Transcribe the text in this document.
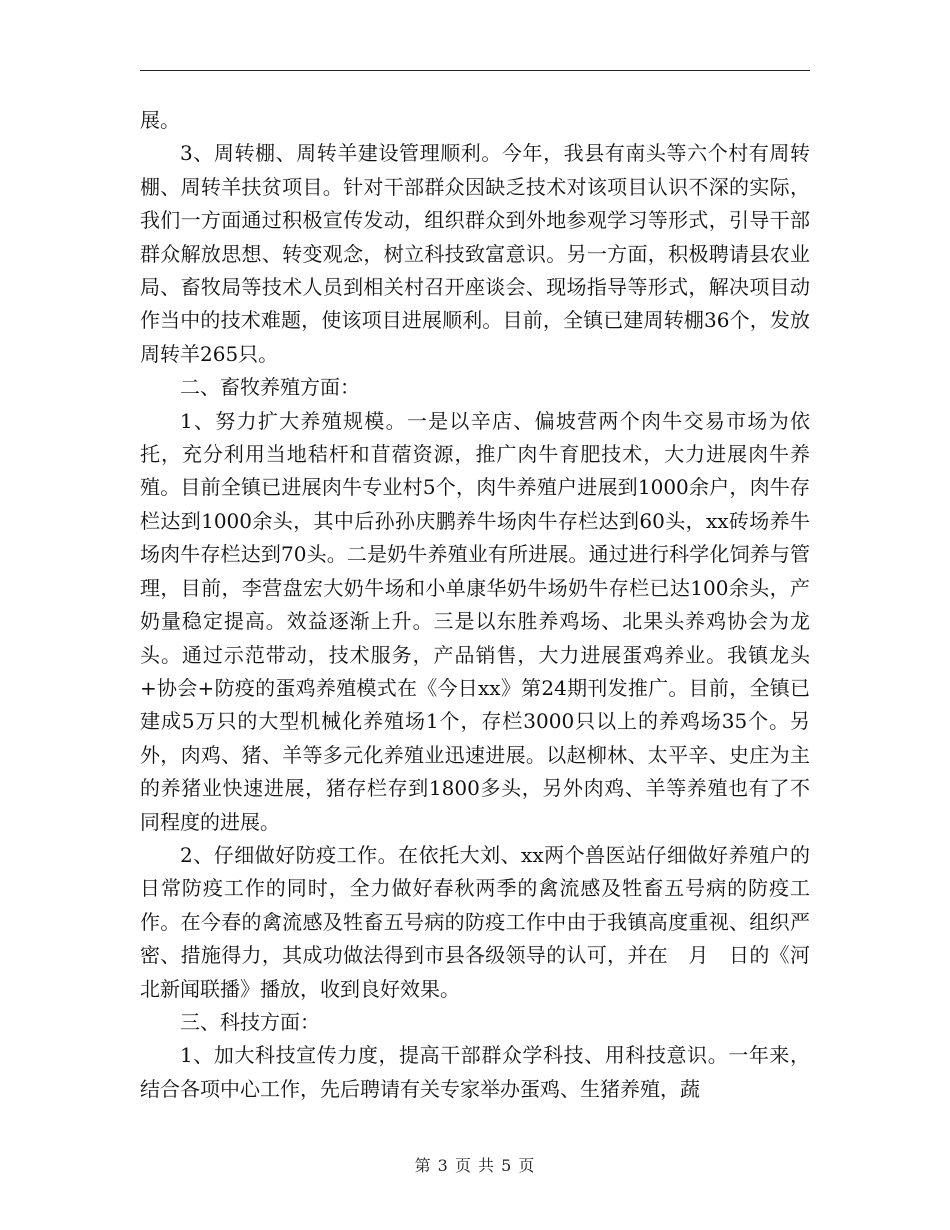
展。

3、周转棚、周转羊建设管理顺利。今年，我县有南头等六个村有周转棚、周转羊扶贫项目。针对干部群众因缺乏技术对该项目认识不深的实际，我们一方面通过积极宣传发动，组织群众到外地参观学习等形式，引导干部群众解放思想、转变观念，树立科技致富意识。另一方面，积极聘请县农业局、畜牧局等技术人员到相关村召开座谈会、现场指导等形式，解决项目动作当中的技术难题，使该项目进展顺利。目前，全镇已建周转棚36个，发放周转羊265只。

二、畜牧养殖方面：

1、努力扩大养殖规模。一是以辛店、偏坡营两个肉牛交易市场为依托，充分利用当地秸杆和苜蓿资源，推广肉牛育肥技术，大力进展肉牛养殖。目前全镇已进展肉牛专业村5个，肉牛养殖户进展到1000余户，肉牛存栏达到1000余头，其中后孙孙庆鹏养牛场肉牛存栏达到60头，xx砖场养牛场肉牛存栏达到70头。二是奶牛养殖业有所进展。通过进行科学化饲养与管理，目前，李营盘宏大奶牛场和小单康华奶牛场奶牛存栏已达100余头，产奶量稳定提高。效益逐渐上升。三是以东胜养鸡场、北果头养鸡协会为龙头。通过示范带动，技术服务，产品销售，大力进展蛋鸡养业。我镇龙头+协会+防疫的蛋鸡养殖模式在《今日xx》第24期刊发推广。目前，全镇已建成5万只的大型机械化养殖场1个，存栏3000只以上的养鸡场35个。另外，肉鸡、猪、羊等多元化养殖业迅速进展。以赵柳林、太平辛、史庄为主的养猪业快速进展，猪存栏存到1800多头，另外肉鸡、羊等养殖也有了不同程度的进展。

2、仔细做好防疫工作。在依托大刘、xx两个兽医站仔细做好养殖户的日常防疫工作的同时，全力做好春秋两季的禽流感及牲畜五号病的防疫工作。在今春的禽流感及牲畜五号病的防疫工作中由于我镇高度重视、组织严密、措施得力，其成功做法得到市县各级领导的认可，并在　月　日的《河北新闻联播》播放，收到良好效果。

三、科技方面：

1、加大科技宣传力度，提高干部群众学科技、用科技意识。一年来，结合各项中心工作，先后聘请有关专家举办蛋鸡、生猪养殖，蔬

第 3 页 共 5 页
